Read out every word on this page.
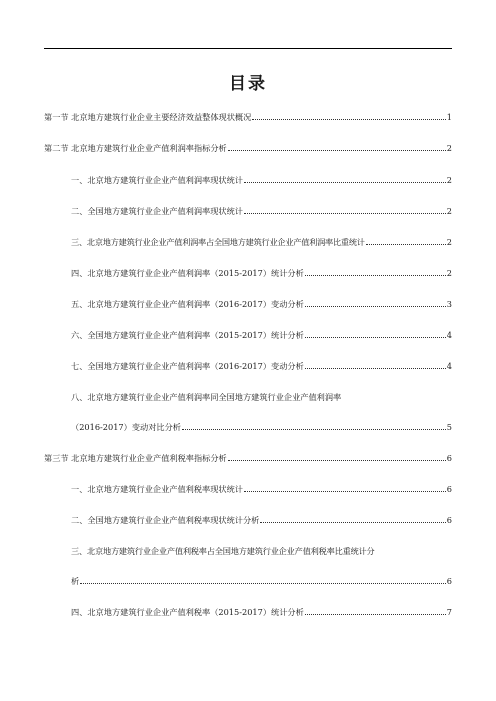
目录
第一节 北京地方建筑行业企业主要经济效益整体现状概况	1
第二节 北京地方建筑行业企业产值利润率指标分析	2
一、北京地方建筑行业企业产值利润率现状统计	2
二、全国地方建筑行业企业产值利润率现状统计	2
三、北京地方建筑行业企业产值利润率占全国地方建筑行业企业产值利润率比重统计	2
四、北京地方建筑行业企业产值利润率（2015-2017）统计分析	2
五、北京地方建筑行业企业产值利润率（2016-2017）变动分析	3
六、全国地方建筑行业企业产值利润率（2015-2017）统计分析	4
七、全国地方建筑行业企业产值利润率（2016-2017）变动分析	4
八、北京地方建筑行业企业产值利润率同全国地方建筑行业企业产值利润率
（2016-2017）变动对比分析	5
第三节 北京地方建筑行业企业产值利税率指标分析	6
一、北京地方建筑行业企业产值利税率现状统计	6
二、全国地方建筑行业企业产值利税率现状统计分析	6
三、北京地方建筑行业企业产值利税率占全国地方建筑行业企业产值利税率比重统计分
析	6
四、北京地方建筑行业企业产值利税率（2015-2017）统计分析	7
